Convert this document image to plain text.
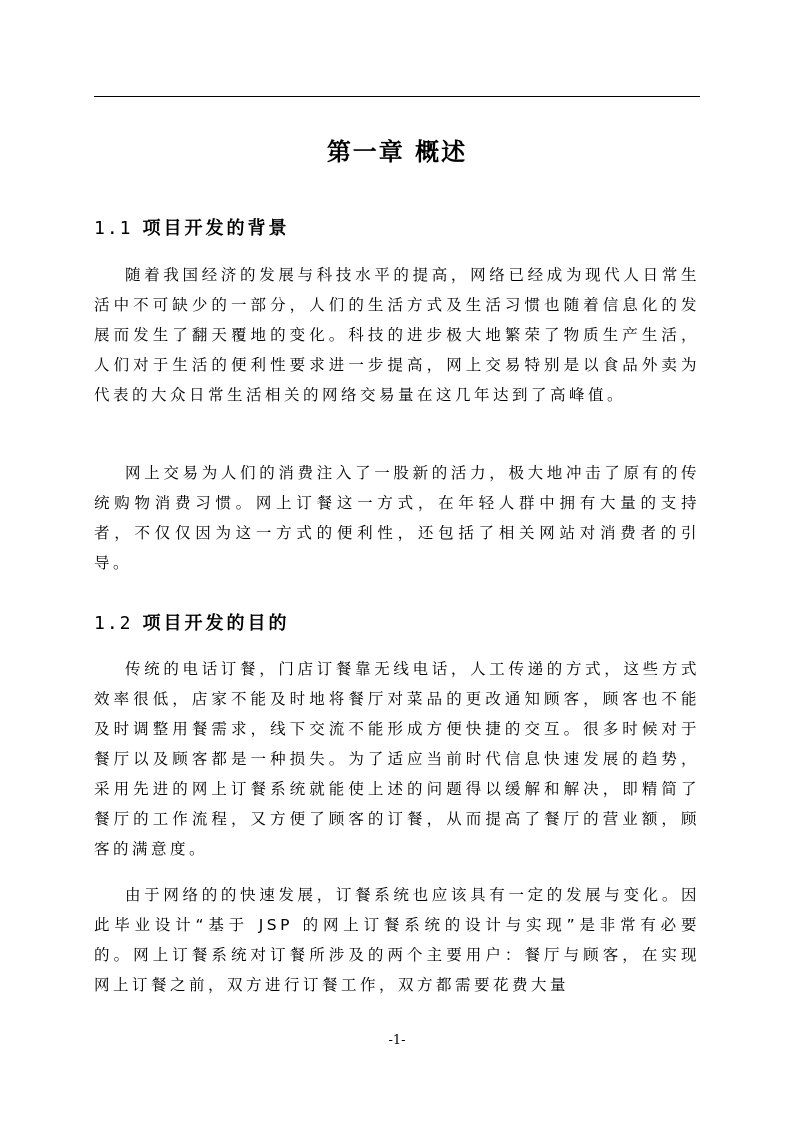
第一章 概述
1.1 项目开发的背景

随着我国经济的发展与科技水平的提高，网络已经成为现代人日常生活中不可缺少的一部分，人们的生活方式及生活习惯也随着信息化的发展而发生了翻天覆地的变化。科技的进步极大地繁荣了物质生产生活，人们对于生活的便利性要求进一步提高，网上交易特别是以食品外卖为代表的大众日常生活相关的网络交易量在这几年达到了高峰值。

网上交易为人们的消费注入了一股新的活力，极大地冲击了原有的传统购物消费习惯。网上订餐这一方式，在年轻人群中拥有大量的支持者，不仅仅因为这一方式的便利性，还包括了相关网站对消费者的引导。

1.2 项目开发的目的

传统的电话订餐，门店订餐靠无线电话，人工传递的方式，这些方式效率很低，店家不能及时地将餐厅对菜品的更改通知顾客，顾客也不能及时调整用餐需求，线下交流不能形成方便快捷的交互。很多时候对于餐厅以及顾客都是一种损失。为了适应当前时代信息快速发展的趋势，采用先进的网上订餐系统就能使上述的问题得以缓解和解决，即精简了餐厅的工作流程，又方便了顾客的订餐，从而提高了餐厅的营业额，顾客的满意度。

由于网络的的快速发展，订餐系统也应该具有一定的发展与变化。因此毕业设计“基于 JSP 的网上订餐系统的设计与实现”是非常有必要的。网上订餐系统对订餐所涉及的两个主要用户：餐厅与顾客，在实现网上订餐之前，双方进行订餐工作，双方都需要花费大量

-1-
